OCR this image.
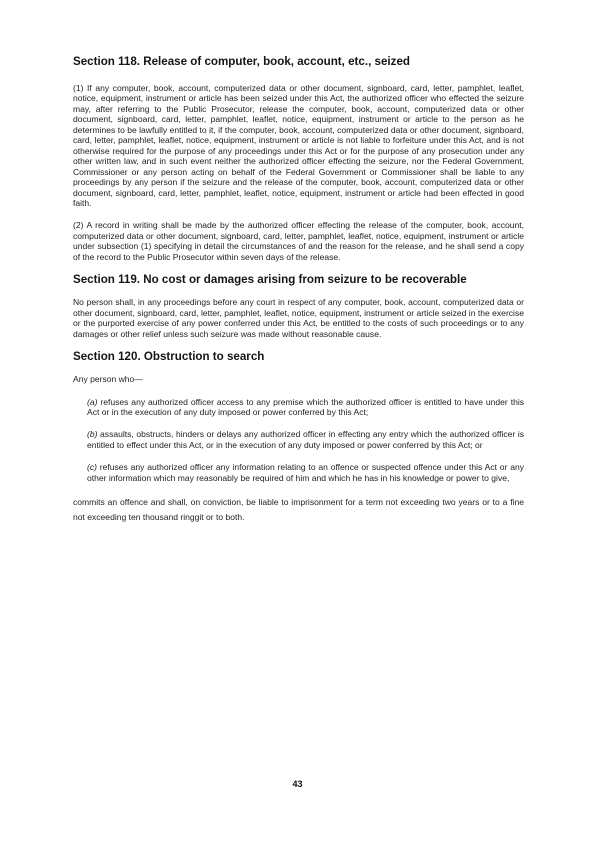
Section 118. Release of computer, book, account, etc., seized

(1) If any computer, book, account, computerized data or other document, signboard, card, letter, pamphlet, leaflet, notice, equipment, instrument or article has been seized under this Act, the authorized officer who effected the seizure may, after referring to the Public Prosecutor, release the computer, book, account, computerized data or other document, signboard, card, letter, pamphlet, leaflet, notice, equipment, instrument or article to the person as he determines to be lawfully entitled to it, if the computer, book, account, computerized data or other document, signboard, card, letter, pamphlet, leaflet, notice, equipment, instrument or article is not liable to forfeiture under this Act, and is not otherwise required for the purpose of any proceedings under this Act or for the purpose of any prosecution under any other written law, and in such event neither the authorized officer effecting the seizure, nor the Federal Government, Commissioner or any person acting on behalf of the Federal Government or Commissioner shall be liable to any proceedings by any person if the seizure and the release of the computer, book, account, computerized data or other document, signboard, card, letter, pamphlet, leaflet, notice, equipment, instrument or article had been effected in good faith.

(2) A record in writing shall be made by the authorized officer effecting the release of the computer, book, account, computerized data or other document, signboard, card, letter, pamphlet, leaflet, notice, equipment, instrument or article under subsection (1) specifying in detail the circumstances of and the reason for the release, and he shall send a copy of the record to the Public Prosecutor within seven days of the release.

Section 119. No cost or damages arising from seizure to be recoverable

No person shall, in any proceedings before any court in respect of any computer, book, account, computerized data or other document, signboard, card, letter, pamphlet, leaflet, notice, equipment, instrument or article seized in the exercise or the purported exercise of any power conferred under this Act, be entitled to the costs of such proceedings or to any damages or other relief unless such seizure was made without reasonable cause.

Section 120. Obstruction to search

Any person who—

(a) refuses any authorized officer access to any premise which the authorized officer is entitled to have under this Act or in the execution of any duty imposed or power conferred by this Act;

(b) assaults, obstructs, hinders or delays any authorized officer in effecting any entry which the authorized officer is entitled to effect under this Act, or in the execution of any duty imposed or power conferred by this Act; or

(c) refuses any authorized officer any information relating to an offence or suspected offence under this Act or any other information which may reasonably be required of him and which he has in his knowledge or power to give,

commits an offence and shall, on conviction, be liable to imprisonment for a term not exceeding two years or to a fine not exceeding ten thousand ringgit or to both.

43
